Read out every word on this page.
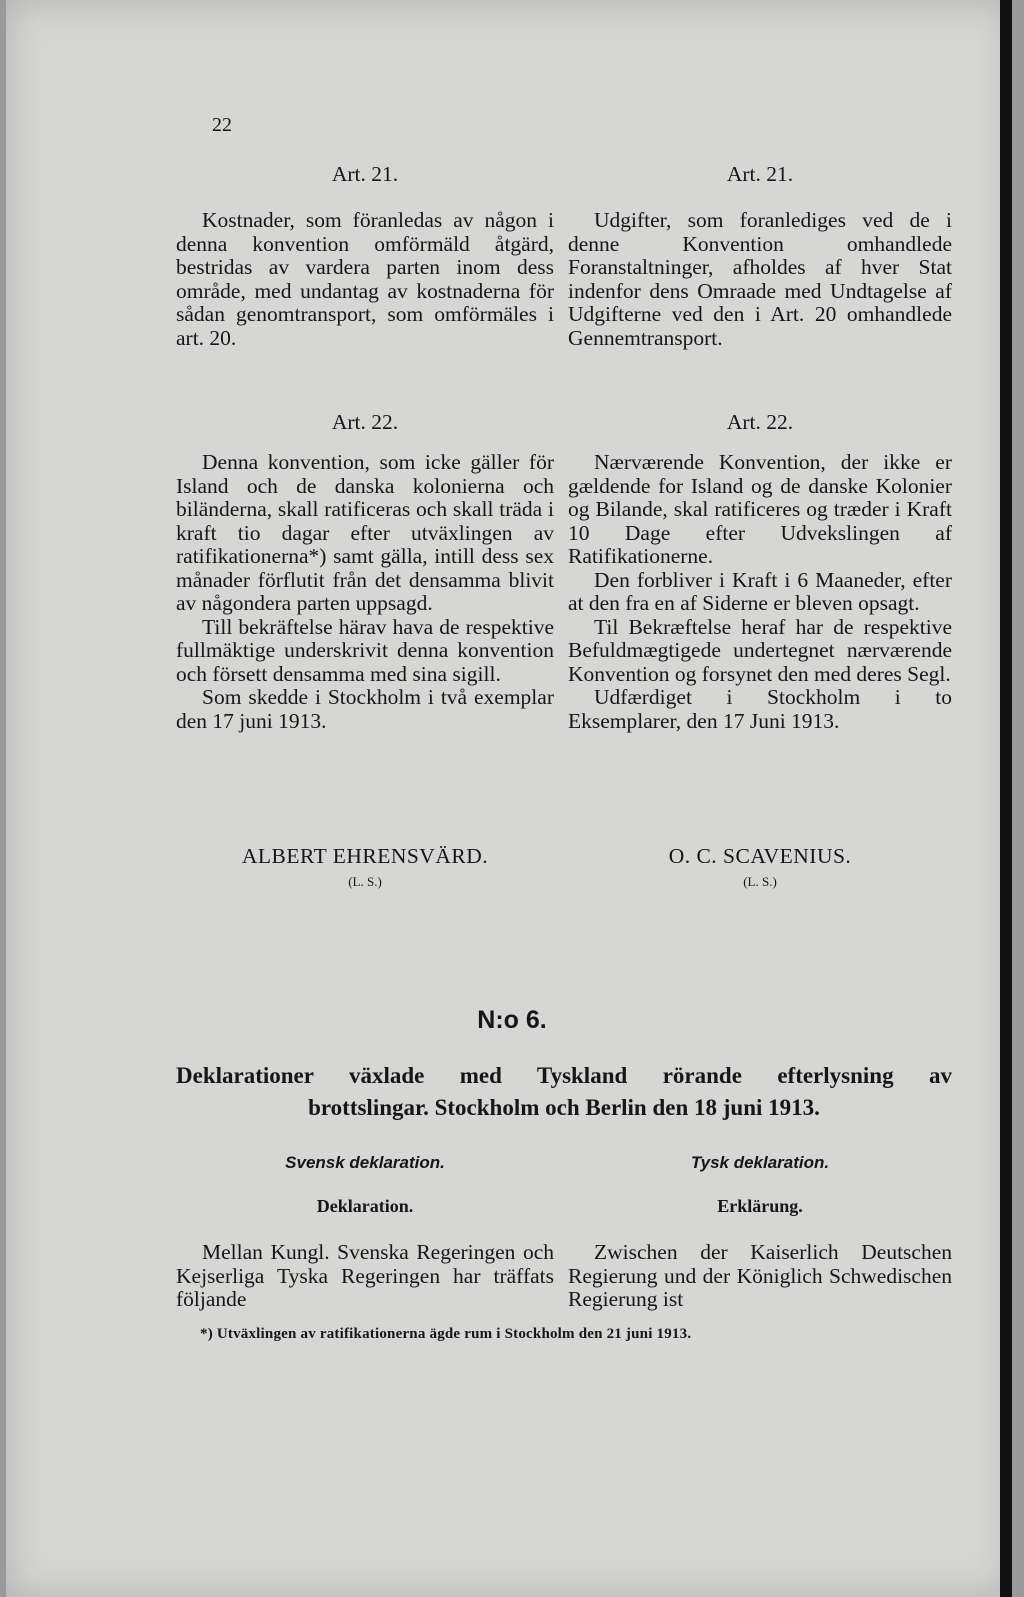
22
Art. 21.

Kostnader, som föranledas av någon i denna konvention omförmäld åtgärd, bestridas av vardera parten inom dess område, med undantag av kostnaderna för sådan genomtransport, som omförmäles i art. 20.

Art. 22.

Denna konvention, som icke gäller för Island och de danska kolonierna och biländerna, skall ratificeras och skall träda i kraft tio dagar efter utväxlingen av ratifikationerna*) samt gälla, intill dess sex månader förflutit från det densamma blivit av någondera parten uppsagd.

Till bekräftelse härav hava de respektive fullmäktige underskrivit denna konvention och försett densamma med sina sigill.

Som skedde i Stockholm i två exemplar den 17 juni 1913.

ALBERT EHRENSVÄRD.
(L. S.)
Art. 21.

Udgifter, som foranlediges ved de i denne Konvention omhandlede Foranstaltninger, afholdes af hver Stat indenfor dens Omraade med Undtagelse af Udgifterne ved den i Art. 20 omhandlede Gennemtransport.

Art. 22.

Nærværende Konvention, der ikke er gældende for Island og de danske Kolonier og Bilande, skal ratificeres og træder i Kraft 10 Dage efter Udvekslingen af Ratifikationerne.

Den forbliver i Kraft i 6 Maaneder, efter at den fra en af Siderne er bleven opsagt.

Til Bekræftelse heraf har de respektive Befuldmægtigede undertegnet nærværende Konvention og forsynet den med deres Segl.

Udfærdiget i Stockholm i to Eksemplarer, den 17 Juni 1913.

O. C. SCAVENIUS.
(L. S.)
N:o 6.
Deklarationer växlade med Tyskland rörande efterlysning av
brottslingar. Stockholm och Berlin den 18 juni 1913.
Svensk deklaration.
Deklaration.

Mellan Kungl. Svenska Regeringen och Kejserliga Tyska Regeringen har träffats följande

Tysk deklaration.
Erklärung.

Zwischen der Kaiserlich Deutschen Regierung und der Königlich Schwedischen Regierung ist

*) Utväxlingen av ratifikationerna ägde rum i Stockholm den 21 juni 1913.
